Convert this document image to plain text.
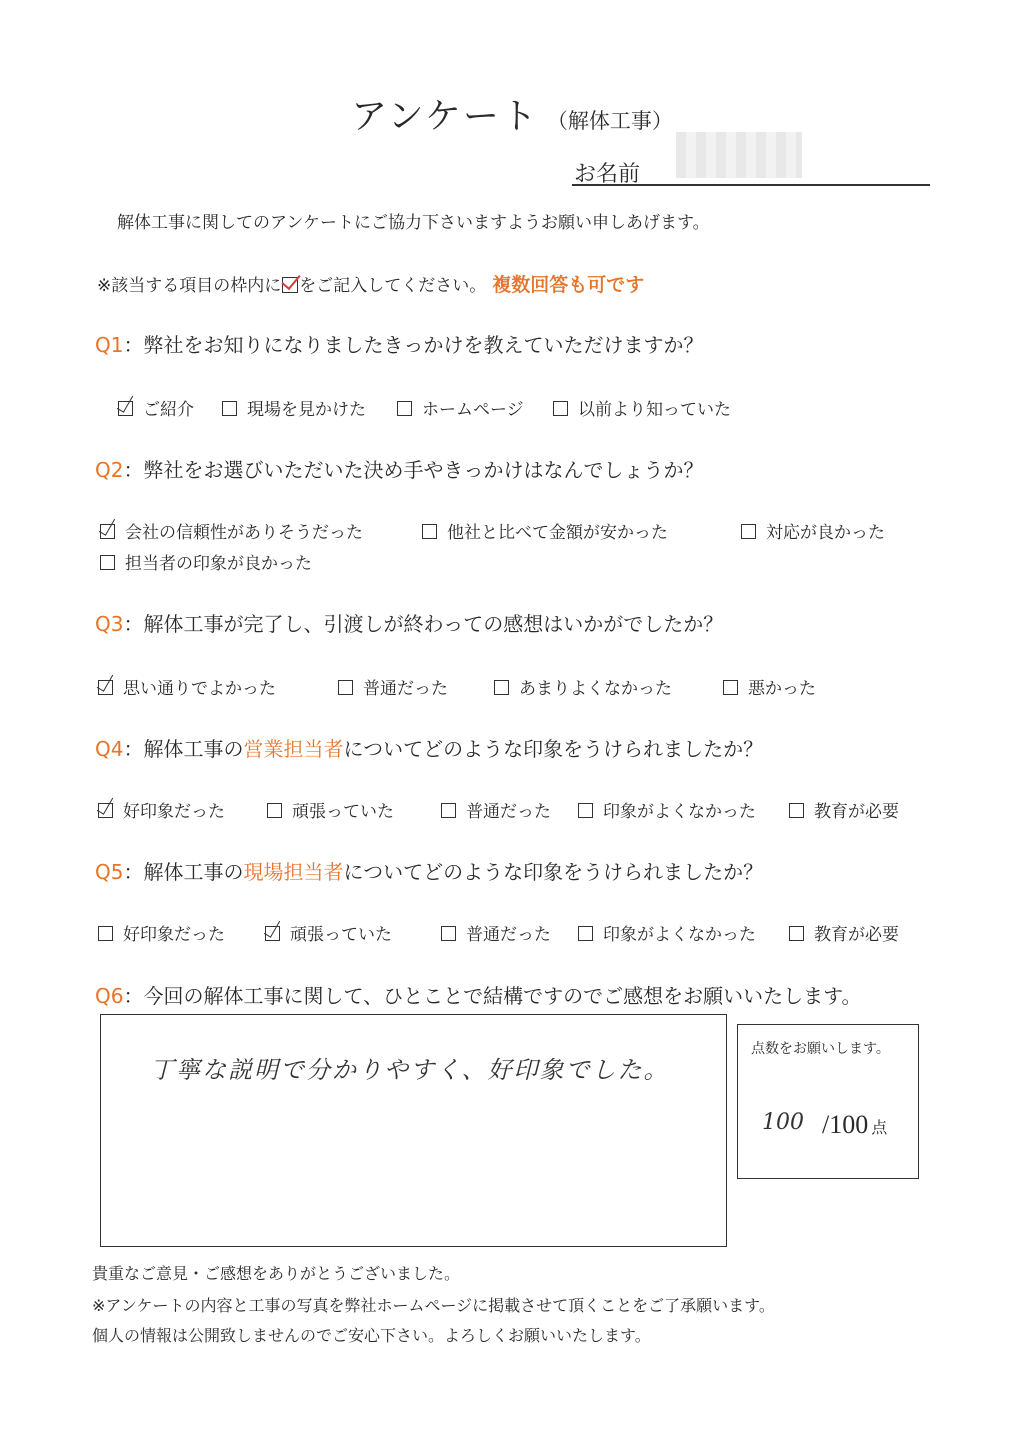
アンケート （解体工事）
お名前
解体工事に関してのアンケートにご協力下さいますようお願い申しあげます。
※該当する項目の枠内に をご記入してください。 複数回答も可です
Q1：弊社をお知りになりましたきっかけを教えていただけますか？
ご紹介	現場を見かけた	ホームページ	以前より知っていた
Q2：弊社をお選びいただいた決め手やきっかけはなんでしょうか？
会社の信頼性がありそうだった	他社と比べて金額が安かった	対応が良かった
担当者の印象が良かった
Q3：解体工事が完了し、引渡しが終わっての感想はいかがでしたか？
思い通りでよかった	普通だった	あまりよくなかった	悪かった
Q4：解体工事の営業担当者についてどのような印象をうけられましたか？
好印象だった	頑張っていた	普通だった	印象がよくなかった	教育が必要
Q5：解体工事の現場担当者についてどのような印象をうけられましたか？
好印象だった	頑張っていた	普通だった	印象がよくなかった	教育が必要
Q6：今回の解体工事に関して、ひとことで結構ですのでご感想をお願いいたします。
丁寧な説明で分かりやすく、好印象でした。
点数をお願いします。
100 /100 点
貴重なご意見・ご感想をありがとうございました。
※アンケートの内容と工事の写真を弊社ホームページに掲載させて頂くことをご了承願います。
個人の情報は公開致しませんのでご安心下さい。よろしくお願いいたします。
